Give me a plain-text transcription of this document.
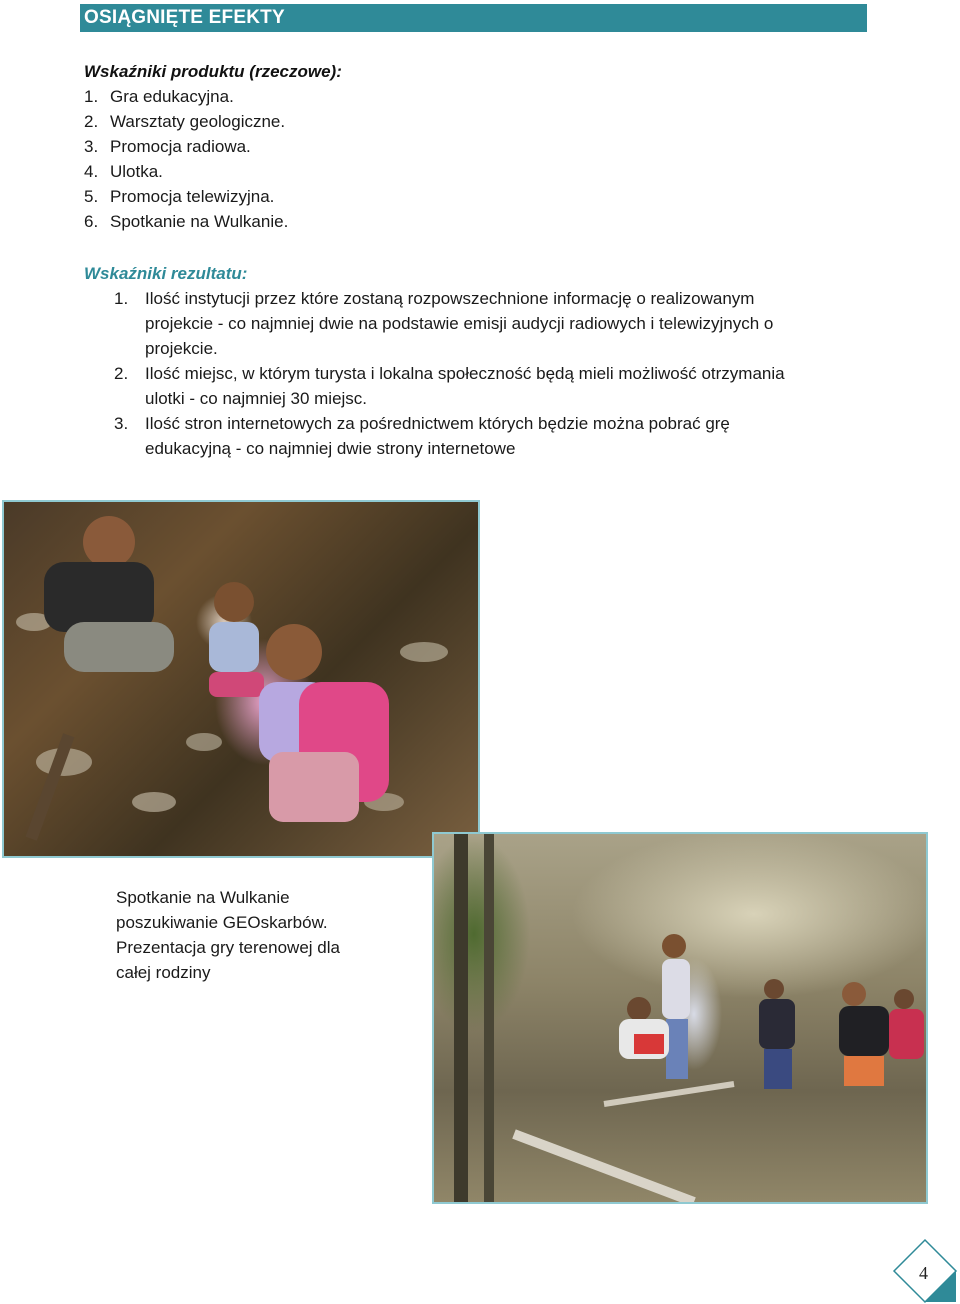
OSIĄGNIĘTE EFEKTY
Wskaźniki produktu (rzeczowe):
1. Gra edukacyjna.
2. Warsztaty geologiczne.
3. Promocja radiowa.
4. Ulotka.
5. Promocja telewizyjna.
6. Spotkanie na Wulkanie.
Wskaźniki rezultatu:
1. Ilość instytucji przez które zostaną rozpowszechnione informację o realizowanym
projekcie - co najmniej dwie na podstawie emisji audycji radiowych i telewizyjnych o
projekcie.
2. Ilość miejsc, w którym turysta i lokalna społeczność będą mieli możliwość otrzymania
ulotki - co najmniej 30 miejsc.
3. Ilość stron internetowych za pośrednictwem których będzie można pobrać grę
edukacyjną - co najmniej dwie strony internetowe
Spotkanie na Wulkanie
poszukiwanie GEOskarbów.
Prezentacja gry terenowej dla
całej rodziny
4
